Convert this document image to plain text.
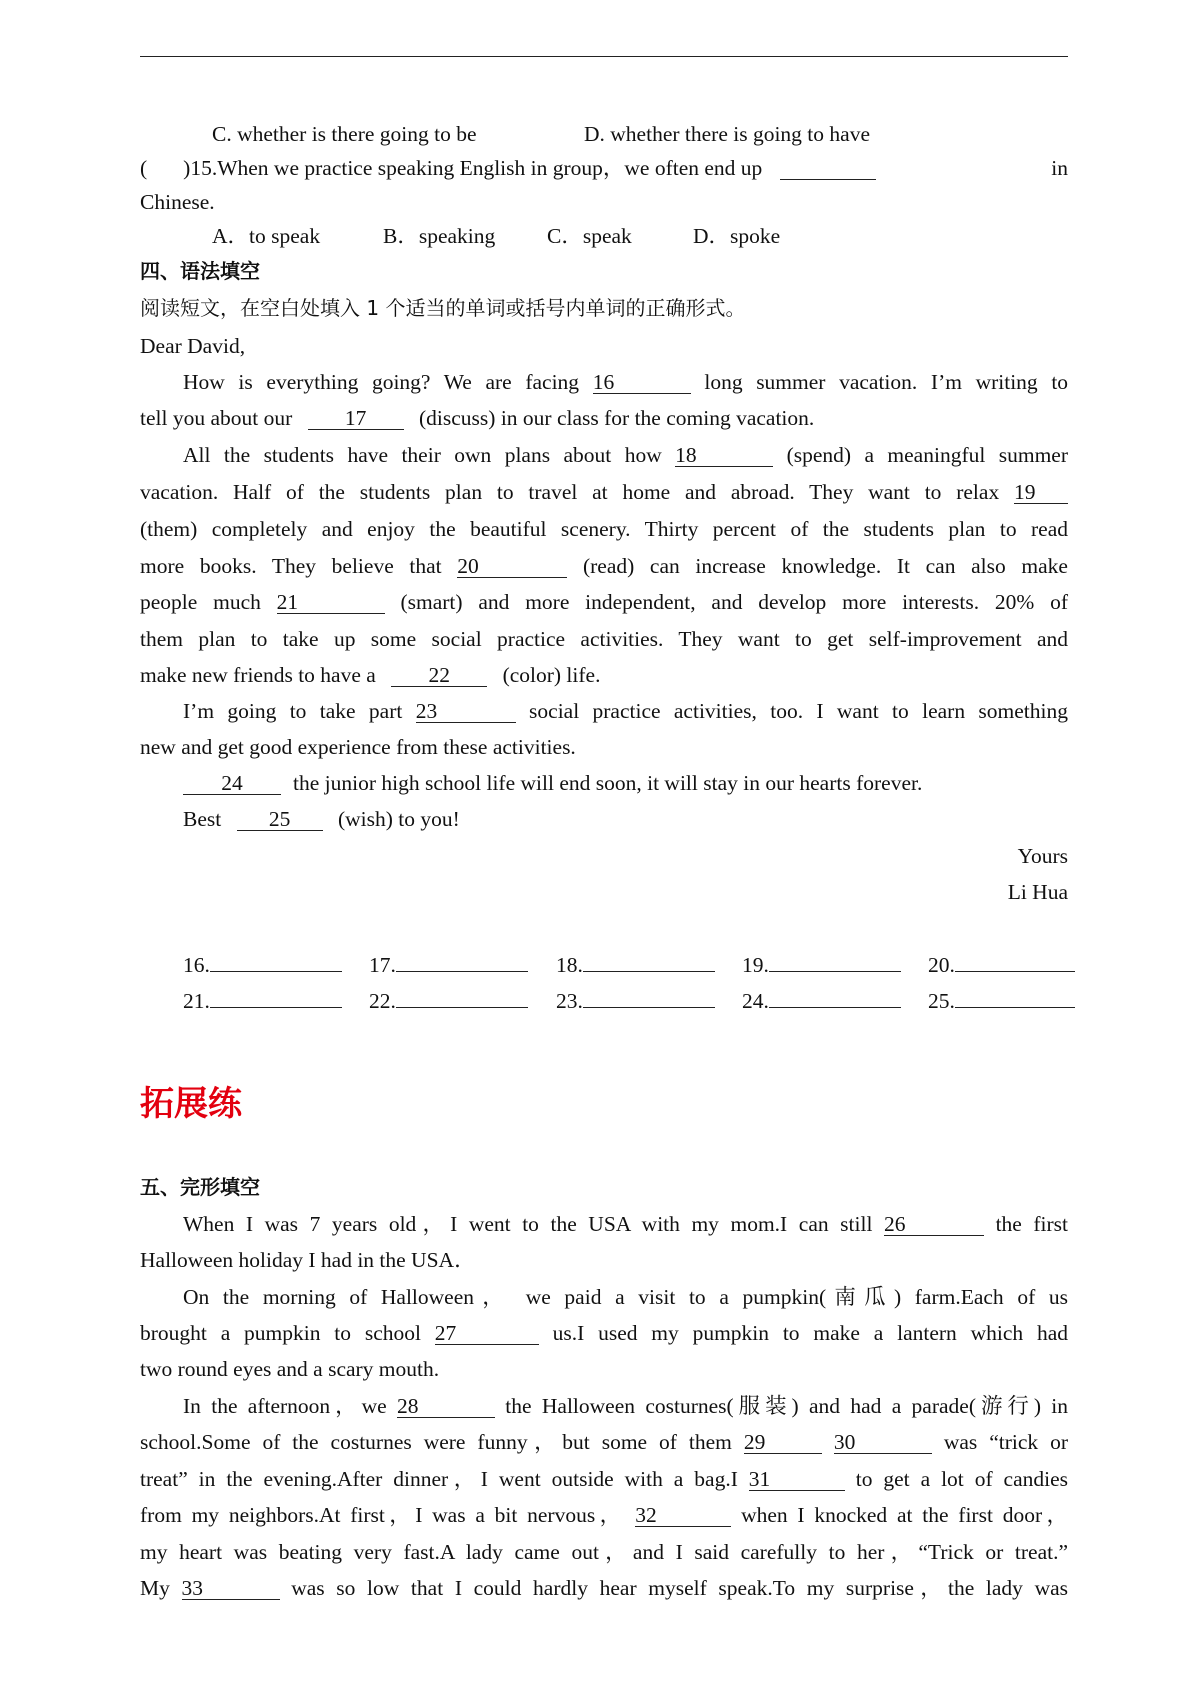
C. whether is there going to be	D. whether there is going to have
( )15.When we practice speaking English in group，we often end up	in
Chinese.
A．to speak	B．speaking C．speak	D．spoke
四、语法填空
阅读短文，在空白处填入 1 个适当的单词或括号内单词的正确形式。
Dear David,
How is everything going? We are facing 16	long summer vacation. I’m writing to
tell you about our 17 (discuss) in our class for the coming vacation.
All the students have their own plans about how 18	(spend) a meaningful summer
vacation. Half of the students plan to travel at home and abroad. They want to relax 19
(them) completely and enjoy the beautiful scenery. Thirty percent of the students plan to read
more books. They believe that 20	(read) can increase knowledge. It can also make
people much 21	(smart) and more independent, and develop more interests. 20% of
them plan to take up some social practice activities. They want to get self-improvement and
make new friends to have a 22 (color) life.
I’m going to take part 23	social practice activities, too. I want to learn something
new and get good experience from these activities.
24 the junior high school life will end soon, it will stay in our hearts forever.
Best 25 (wish) to you!
Yours
Li Hua
16.	17.	18.	19.	20.
21.	22.	23.	24.	25.
拓展练
五、完形填空
When I was 7 years old，I went to the USA with my mom.I can still 26	the first
Halloween holiday I had in the USA．
On the morning of Halloween， we paid a visit to a pumpkin(南瓜) farm.Each of us
brought a pumpkin to school 27	us.I used my pumpkin to make a lantern which had
two round eyes and a scary mouth.
In the afternoon，we 28	the Halloween costurnes(服装) and had a parade(游行) in
school.Some of the costurnes were funny，but some of them 29	30	was “trick or
treat” in the evening.After dinner，I went outside with a bag.I 31	to get a lot of candies
from my neighbors.At first，I was a bit nervous， 32	when I knocked at the first door，
my heart was beating very fast.A lady came out，and I said carefully to her，“Trick or treat.”
My 33	was so low that I could hardly hear myself speak.To my surprise，the lady was
